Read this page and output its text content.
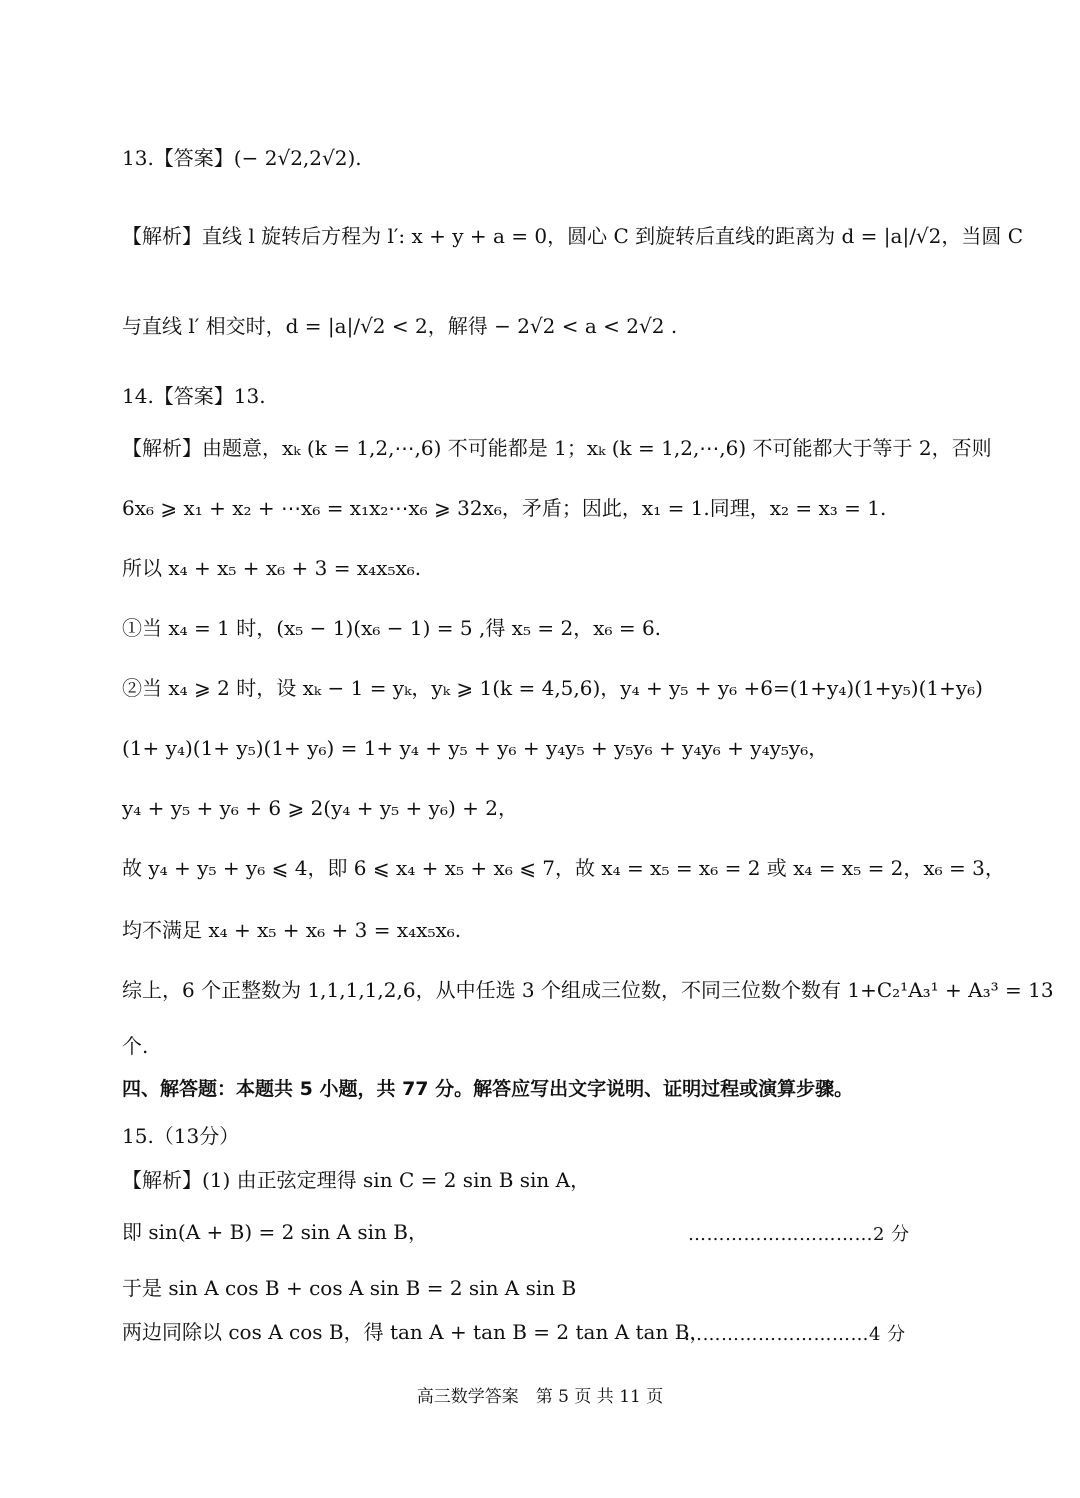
13.【答案】(− 2√2,2√2).
【解析】直线 l 旋转后方程为 l′: x + y + a = 0，圆心 C 到旋转后直线的距离为 d = |a|/√2，当圆 C
与直线 l′ 相交时，d = |a|/√2 < 2，解得 − 2√2 < a < 2√2 .
14.【答案】13.
【解析】由题意，xₖ (k = 1,2,⋯,6) 不可能都是 1；xₖ (k = 1,2,⋯,6) 不可能都大于等于 2，否则
6x₆ ⩾ x₁ + x₂ + ⋯x₆ = x₁x₂⋯x₆ ⩾ 32x₆，矛盾；因此，x₁ = 1.同理，x₂ = x₃ = 1.
所以 x₄ + x₅ + x₆ + 3 = x₄x₅x₆.
①当 x₄ = 1 时，(x₅ − 1)(x₆ − 1) = 5 ,得 x₅ = 2，x₆ = 6.
②当 x₄ ⩾ 2 时，设 xₖ − 1 = yₖ，yₖ ⩾ 1(k = 4,5,6)，y₄ + y₅ + y₆ +6=(1+y₄)(1+y₅)(1+y₆)
(1+ y₄)(1+ y₅)(1+ y₆) = 1+ y₄ + y₅ + y₆ + y₄y₅ + y₅y₆ + y₄y₆ + y₄y₅y₆，
y₄ + y₅ + y₆ + 6 ⩾ 2(y₄ + y₅ + y₆) + 2，
故 y₄ + y₅ + y₆ ⩽ 4，即 6 ⩽ x₄ + x₅ + x₆ ⩽ 7，故 x₄ = x₅ = x₆ = 2 或 x₄ = x₅ = 2，x₆ = 3，
均不满足 x₄ + x₅ + x₆ + 3 = x₄x₅x₆.
综上，6 个正整数为 1,1,1,1,2,6，从中任选 3 个组成三位数，不同三位数个数有 1+C₂¹A₃¹ + A₃³ = 13
个.
四、解答题：本题共 5 小题，共 77 分。解答应写出文字说明、证明过程或演算步骤。
15.（13分）
【解析】(1) 由正弦定理得 sin C = 2 sin B sin A，
即 sin(A + B) = 2 sin A sin B，	…………………………2 分
于是 sin A cos B + cos A sin B = 2 sin A sin B
两边同除以 cos A cos B，得 tan A + tan B = 2 tan A tan B，
…………………………4 分
高三数学答案　第 5 页 共 11 页
